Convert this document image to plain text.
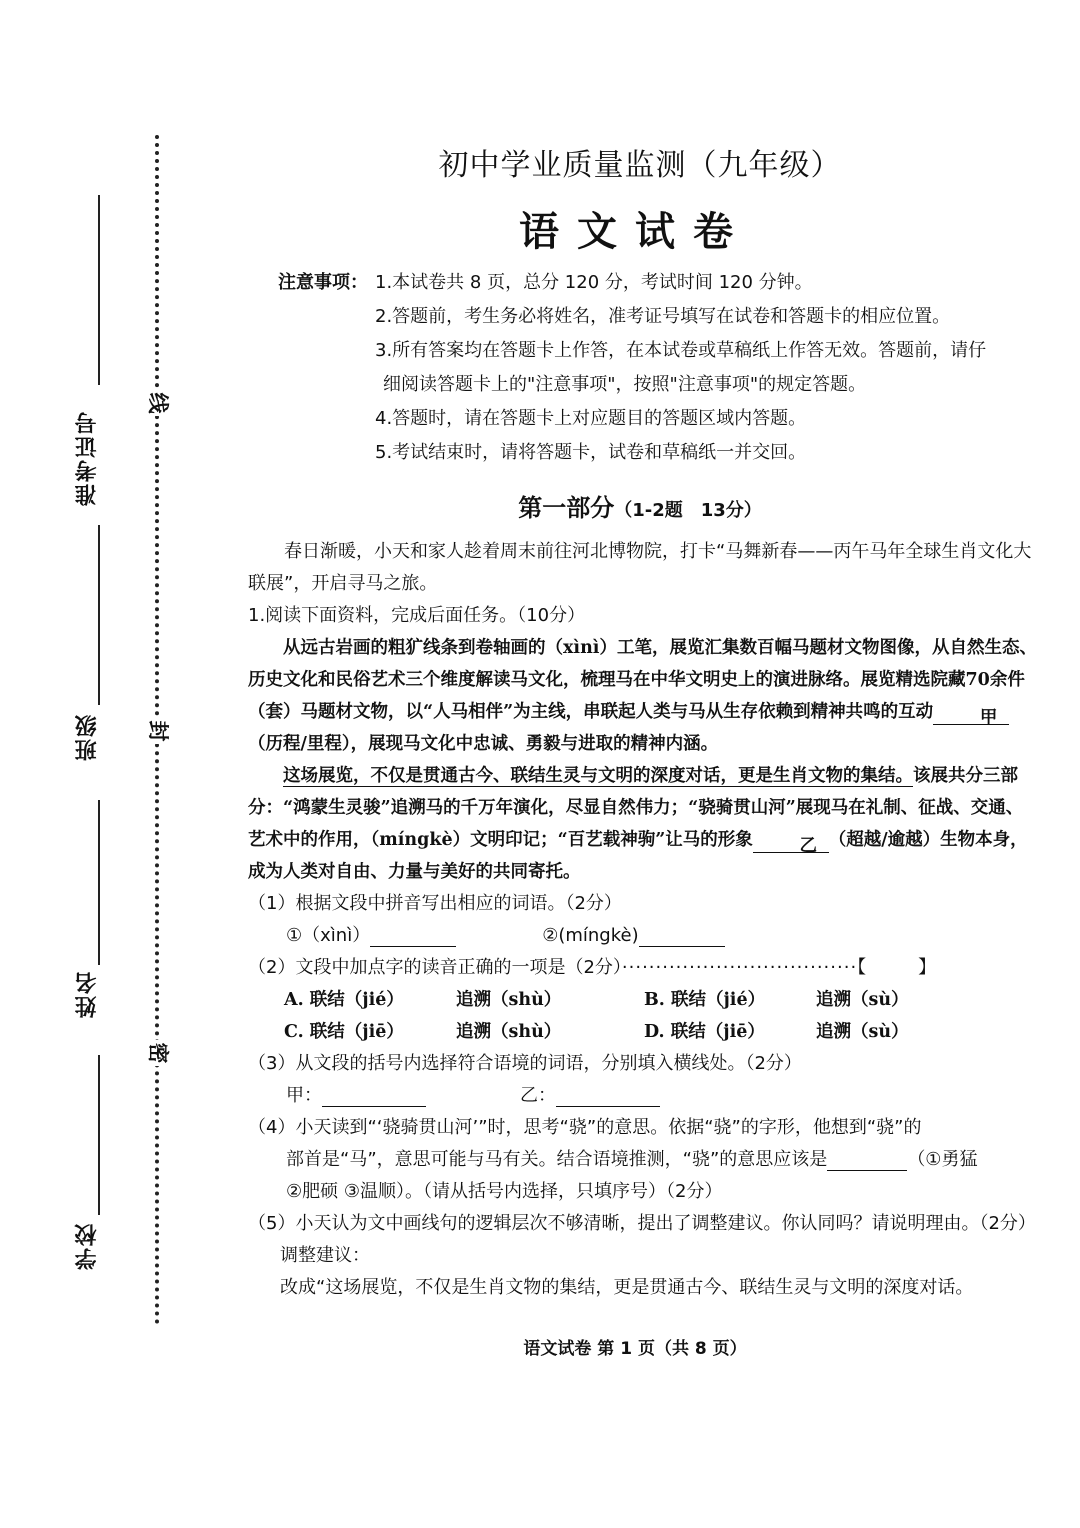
准考证号
班级
姓名
学校
线
封
密
初中学业质量监测（九年级）
语文试卷
注意事项： 1.本试卷共 8 页，总分 120 分，考试时间 120 分钟。
2.答题前，考生务必将姓名，准考证号填写在试卷和答题卡的相应位置。
3.所有答案均在答题卡上作答，在本试卷或草稿纸上作答无效。答题前，请仔
细阅读答题卡上的"注意事项"，按照"注意事项"的规定答题。
4.答题时，请在答题卡上对应题目的答题区域内答题。
5.考试结束时，请将答题卡，试卷和草稿纸一并交回。
第一部分（1-2题　13分）

春日渐暖，小天和家人趁着周末前往河北博物院，打卡“马舞新春——丙午马年全球生肖文化大联展”，开启寻马之旅。

1.阅读下面资料，完成后面任务。（10分）

从远古岩画的粗犷线条到卷轴画的（xìnì）工笔，展览汇集数百幅马题材文物图像，从自然生态、历史文化和民俗艺术三个维度解读马文化，梳理马在中华文明史上的演进脉络。展览精选院藏70余件（套）马题材文物，以“人马相伴”为主线，串联起人类与马从生存依赖到精神共鸣的互动	甲（历程/里程），展现马文化中忠诚、勇毅与进取的精神内涵。

这场展览，不仅是贯通古今、联结生灵与文明的深度对话，更是生肖文物的集结。该展共分三部分：“鸿蒙生灵骏”追溯马的千万年演化，尽显自然伟力；“骁骑贯山河”展现马在礼制、征战、交通、艺术中的作用，（míngkè）文明印记；“百艺载神驹”让马的形象	乙 （超越/逾越）生物本身，成为人类对自由、力量与美好的共同寄托。

（1）根据文段中拼音写出相应的词语。（2分）

①（xìnì）	②(míngkè)

（2）文段中加点字的读音正确的一项是（2分）···································【	】

A. 联结（jié）	追溯（shù）	B. 联结（jié）	追溯（sù）
C. 联结（jiē）	追溯（shù）	D. 联结（jiē）	追溯（sù）

（3）从文段的括号内选择符合语境的词语，分别填入横线处。（2分）

甲：	乙：

（4）小天读到“‘骁骑贯山河’”时，思考“骁”的意思。依据“骁”的字形，他想到“骁”的

部首是“马”，意思可能与马有关。结合语境推测，“骁”的意思应该是	（①勇猛

②肥硕 ③温顺）。（请从括号内选择，只填序号）（2分）

（5）小天认为文中画线句的逻辑层次不够清晰，提出了调整建议。你认同吗？请说明理由。（2分）

调整建议：

改成“这场展览，不仅是生肖文物的集结，更是贯通古今、联结生灵与文明的深度对话。

语文试卷 第 1 页（共 8 页）
